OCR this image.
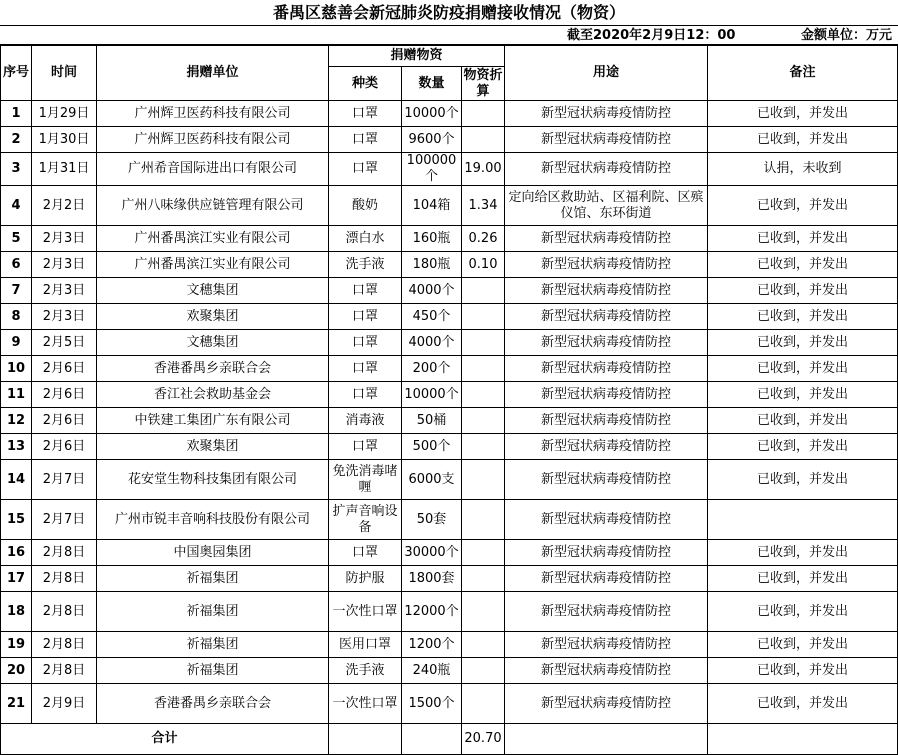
番禺区慈善会新冠肺炎防疫捐赠接收情况（物资）
截至2020年2月9日12：00	金额单位：万元
序号	时间	捐赠单位	捐赠物资			用途	备注
			种类	数量	物资折算		
1	1月29日	广州辉卫医药科技有限公司	口罩	10000个		新型冠状病毒疫情防控	已收到，并发出
2	1月30日	广州辉卫医药科技有限公司	口罩	9600个		新型冠状病毒疫情防控	已收到，并发出
3	1月31日	广州希音国际进出口有限公司	口罩	100000个	19.00	新型冠状病毒疫情防控	认捐，未收到
4	2月2日	广州八味缘供应链管理有限公司	酸奶	104箱	1.34	定向给区救助站、区福利院、区殡仪馆、东环街道	已收到，并发出
5	2月3日	广州番禺滨江实业有限公司	漂白水	160瓶	0.26	新型冠状病毒疫情防控	已收到，并发出
6	2月3日	广州番禺滨江实业有限公司	洗手液	180瓶	0.10	新型冠状病毒疫情防控	已收到，并发出
7	2月3日	文穗集团	口罩	4000个		新型冠状病毒疫情防控	已收到，并发出
8	2月3日	欢聚集团	口罩	450个		新型冠状病毒疫情防控	已收到，并发出
9	2月5日	文穗集团	口罩	4000个		新型冠状病毒疫情防控	已收到，并发出
10	2月6日	香港番禺乡亲联合会	口罩	200个		新型冠状病毒疫情防控	已收到，并发出
11	2月6日	香江社会救助基金会	口罩	10000个		新型冠状病毒疫情防控	已收到，并发出
12	2月6日	中铁建工集团广东有限公司	消毒液	50桶		新型冠状病毒疫情防控	已收到，并发出
13	2月6日	欢聚集团	口罩	500个		新型冠状病毒疫情防控	已收到，并发出
14	2月7日	花安堂生物科技集团有限公司	免洗消毒啫喱	6000支		新型冠状病毒疫情防控	已收到，并发出
15	2月7日	广州市锐丰音响科技股份有限公司	扩声音响设备	50套		新型冠状病毒疫情防控	
16	2月8日	中国奥园集团	口罩	30000个		新型冠状病毒疫情防控	已收到，并发出
17	2月8日	祈福集团	防护服	1800套		新型冠状病毒疫情防控	已收到，并发出
18	2月8日	祈福集团	一次性口罩	12000个		新型冠状病毒疫情防控	已收到，并发出
19	2月8日	祈福集团	医用口罩	1200个		新型冠状病毒疫情防控	已收到，并发出
20	2月8日	祈福集团	洗手液	240瓶		新型冠状病毒疫情防控	已收到，并发出
21	2月9日	香港番禺乡亲联合会	一次性口罩	1500个		新型冠状病毒疫情防控	已收到，并发出
合计					20.70		
